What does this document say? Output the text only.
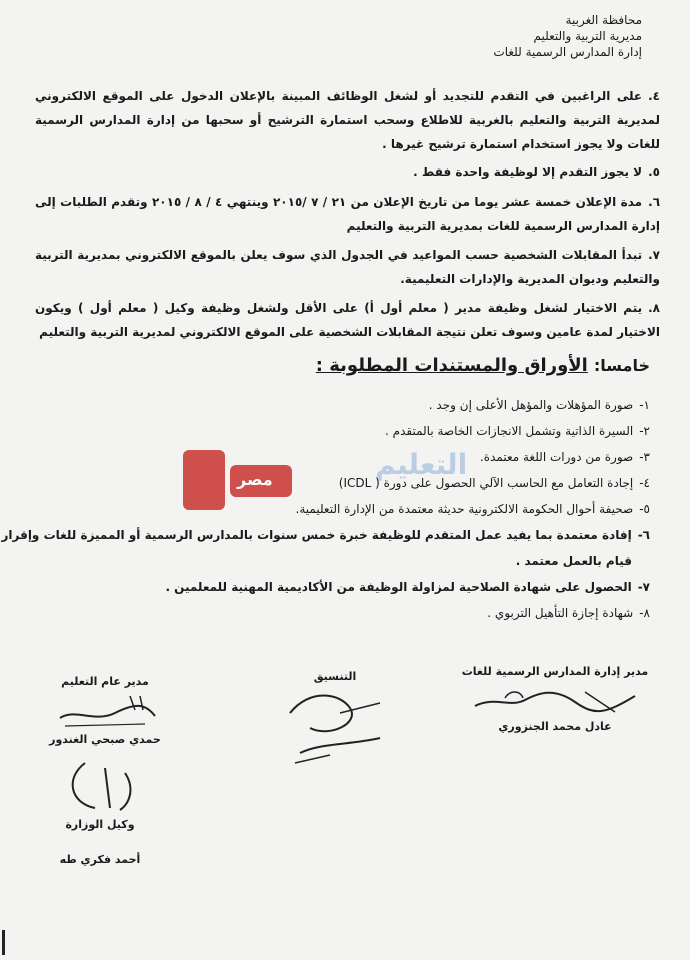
محافظة الغربية
مديرية التربية والتعليم
إدارة المدارس الرسمية للغات
٤.على الراغبين في التقدم للتجديد أو لشغل الوظائف المبينة بالإعلان الدخول على الموقع الالكتروني لمديرية التربية والتعليم بالغربية للاطلاع وسحب استمارة الترشيح أو سحبها من إدارة المدارس الرسمية للغات ولا يجوز استخدام استمارة ترشيح غيرها .
٥.لا يجوز التقدم إلا لوظيفة واحدة فقط .
٦.مدة الإعلان خمسة عشر يوما من تاريخ الإعلان من ٢١ / ٧ /٢٠١٥ وينتهي ٤ / ٨ / ٢٠١٥ وتقدم الطلبات إلى إدارة المدارس الرسمية للغات بمديرية التربية والتعليم
٧.تبدأ المقابلات الشخصية حسب المواعيد في الجدول الذي سوف يعلن بالموقع الالكتروني بمديرية التربية والتعليم وديوان المديرية والإدارات التعليمية.
٨.يتم الاختيار لشغل وظيفة مدير ( معلم أول أ) على الأقل ولشغل وظيفة وكيل ( معلم أول ) ويكون الاختيار لمدة عامين وسوف تعلن نتيجة المقابلات الشخصية على الموقع الالكتروني لمديرية التربية والتعليم
خامسا:الأوراق والمستندات المطلوبة :
مصر	التعليم
١-صورة المؤهلات والمؤهل الأعلى إن وجد .
٢-السيرة الذاتية وتشمل الانجازات الخاصة بالمتقدم .
٣-صورة من دورات اللغة معتمدة.
٤-إجادة التعامل مع الحاسب الآلي الحصول على دورة ( ICDL)
٥-صحيفة أحوال الحكومة الالكترونية حديثة معتمدة من الإدارة التعليمية.
٦-إفادة معتمدة بما يفيد عمل المتقدم للوظيفة خبرة خمس سنوات بالمدارس الرسمية أو المميزة للغات وإقرار
قيام بالعمل معتمد .
٧-الحصول على شهادة الصلاحية لمزاولة الوظيفة من الأكاديمية المهنية للمعلمين .
٨-شهادة إجازة التأهيل التربوي .
مدير إدارة المدارس الرسمية للغات
عادل محمد الجنزوري
التنسيق
مدير عام التعليم
حمدي صبحي الغندور
وكيل الوزارة
أحمد فكري طه
